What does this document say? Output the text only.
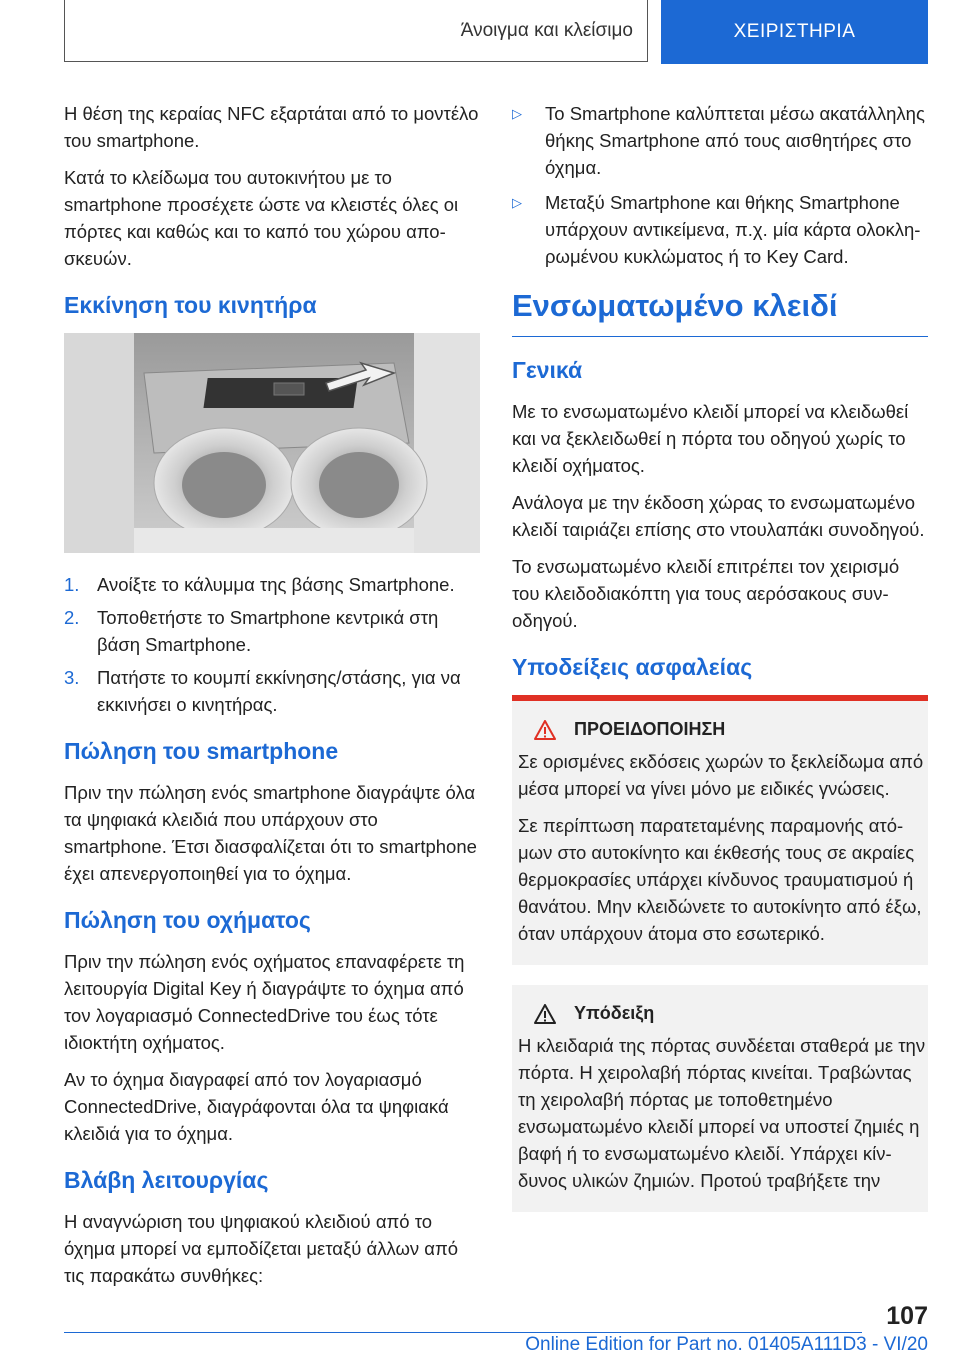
Άνοιγμα και κλείσιμο	ΧΕΙΡΙΣΤΗΡΙΑ

Η θέση της κεραίας NFC εξαρτάται από το μοντέλο του smartphone.

Κατά το κλείδωμα του αυτοκινήτου με το smartphone προσέχετε ώστε να κλειστές όλες οι πόρτες και καθώς και το καπό του χώρου αποσκευών.

Εκκίνηση του κινητήρα
1. Ανοίξτε το κάλυμμα της βάσης Smartphone.
2. Τοποθετήστε το Smartphone κεντρικά στη βάση Smartphone.
3. Πατήστε το κουμπί εκκίνησης/στάσης, για να εκκινήσει ο κινητήρας.
Πώληση του smartphone

Πριν την πώληση ενός smartphone διαγράψτε όλα τα ψηφιακά κλειδιά που υπάρχουν στο smartphone. Έτσι διασφαλίζεται ότι το smartphone έχει απενεργοποιηθεί για το όχημα.

Πώληση του οχήματος

Πριν την πώληση ενός οχήματος επαναφέρετε τη λειτουργία Digital Key ή διαγράψτε το όχημα από τον λογαριασμό ConnectedDrive του έως τότε ιδιοκτήτη οχήματος.

Αν το όχημα διαγραφεί από τον λογαριασμό ConnectedDrive, διαγράφονται όλα τα ψηφιακά κλειδιά για το όχημα.

Βλάβη λειτουργίας

Η αναγνώριση του ψηφιακού κλειδιού από το όχημα μπορεί να εμποδίζεται μεταξύ άλλων από τις παρακάτω συνθήκες:

▷	Το Smartphone καλύπτεται μέσω ακατάλληλης θήκης Smartphone από τους αισθητήρες στο όχημα.
▷	Μεταξύ Smartphone και θήκης Smartphone υπάρχουν αντικείμενα, π.χ. μία κάρτα ολοκληρωμένου κυκλώματος ή το Key Card.
Ενσωματωμένο κλειδί
Γενικά

Με το ενσωματωμένο κλειδί μπορεί να κλειδωθεί και να ξεκλειδωθεί η πόρτα του οδηγού χωρίς το κλειδί οχήματος.

Ανάλογα με την έκδοση χώρας το ενσωματωμένο κλειδί ταιριάζει επίσης στο ντουλαπάκι συνοδηγού.

Το ενσωματωμένο κλειδί επιτρέπει τον χειρισμό του κλειδοδιακόπτη για τους αερόσακους συνοδηγού.

Υποδείξεις ασφαλείας
ΠΡΟΕΙΔΟΠΟΙΗΣΗ

Σε ορισμένες εκδόσεις χωρών το ξεκλείδωμα από μέσα μπορεί να γίνει μόνο με ειδικές γνώσεις.

Σε περίπτωση παρατεταμένης παραμονής ατόμων στο αυτοκίνητο και έκθεσής τους σε ακραίες θερμοκρασίες υπάρχει κίνδυνος τραυματισμού ή θανάτου. Μην κλειδώνετε το αυτοκίνητο από έξω, όταν υπάρχουν άτομα στο εσωτερικό.

Υπόδειξη

Η κλειδαριά της πόρτας συνδέεται σταθερά με την πόρτα. Η χειρολαβή πόρτας κινείται. Τραβώντας τη χειρολαβή πόρτας με τοποθετημένο ενσωματωμένο κλειδί μπορεί να υποστεί ζημιές η βαφή ή το ενσωματωμένο κλειδί. Υπάρχει κίνδυνος υλικών ζημιών. Προτού τραβήξετε την

107
Online Edition for Part no. 01405A111D3 - VI/20
